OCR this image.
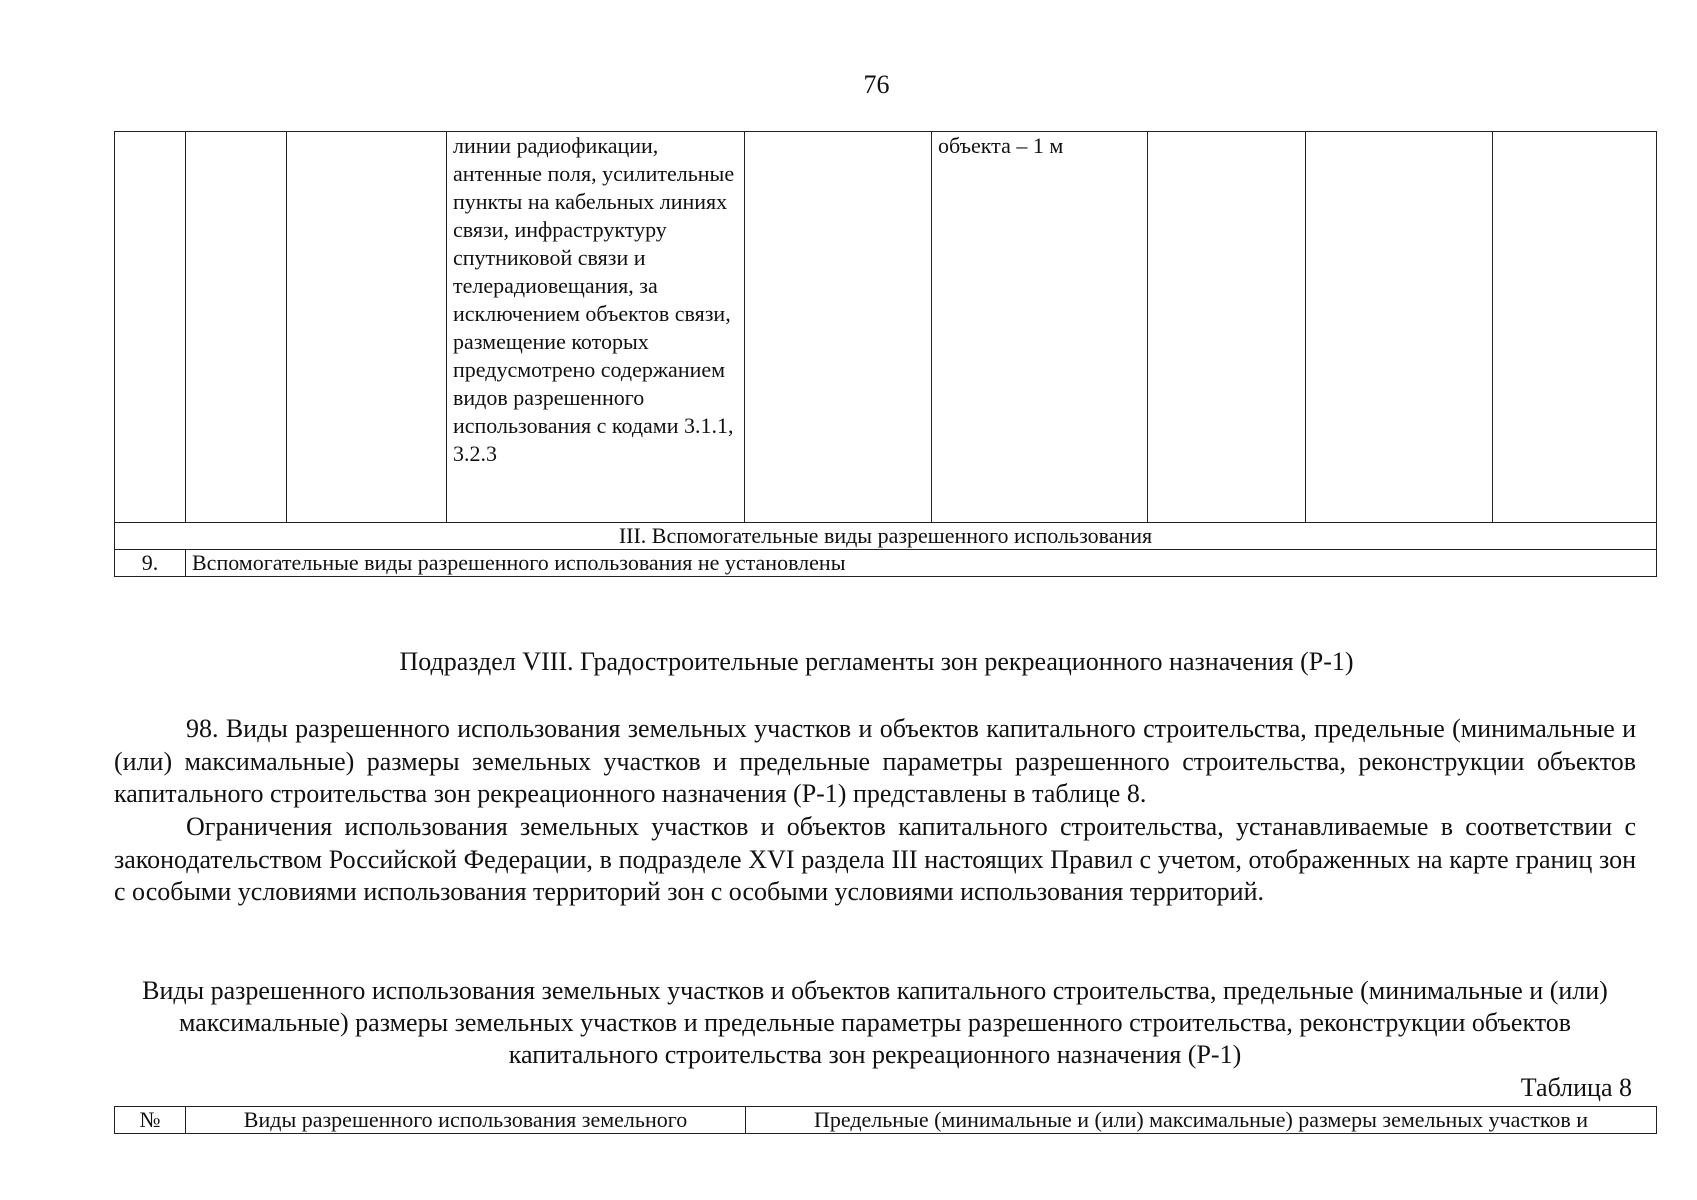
76
			линии радиофикации, антенные поля, усилительные пункты на кабельных линиях связи, инфраструктуру спутниковой связи и телерадиовещания, за исключением объектов связи, размещение которых предусмотрено содержанием видов разрешенного использования с кодами 3.1.1, 3.2.3		объекта – 1 м			
III. Вспомогательные виды разрешенного использования								
9.	Вспомогательные виды разрешенного использования не установлены							
Подраздел VIII. Градостроительные регламенты зон рекреационного назначения (Р-1)

98. Виды разрешенного использования земельных участков и объектов капитального строительства, предельные (минимальные и (или) максимальные) размеры земельных участков и предельные параметры разрешенного строительства, реконструкции объектов капитального строительства зон рекреационного назначения (Р-1) представлены в таблице 8.

Ограничения использования земельных участков и объектов капитального строительства, устанавливаемые в соответствии с законодательством Российской Федерации, в подразделе XVI раздела III настоящих Правил с учетом, отображенных на карте границ зон с особыми условиями использования территорий зон с особыми условиями использования территорий.

Виды разрешенного использования земельных участков и объектов капитального строительства, предельные (минимальные и (или) максимальные) размеры земельных участков и предельные параметры разрешенного строительства, реконструкции объектов капитального строительства зон рекреационного назначения (Р-1)
Таблица 8
№	Виды разрешенного использования земельного	Предельные (минимальные и (или) максимальные) размеры земельных участков и
